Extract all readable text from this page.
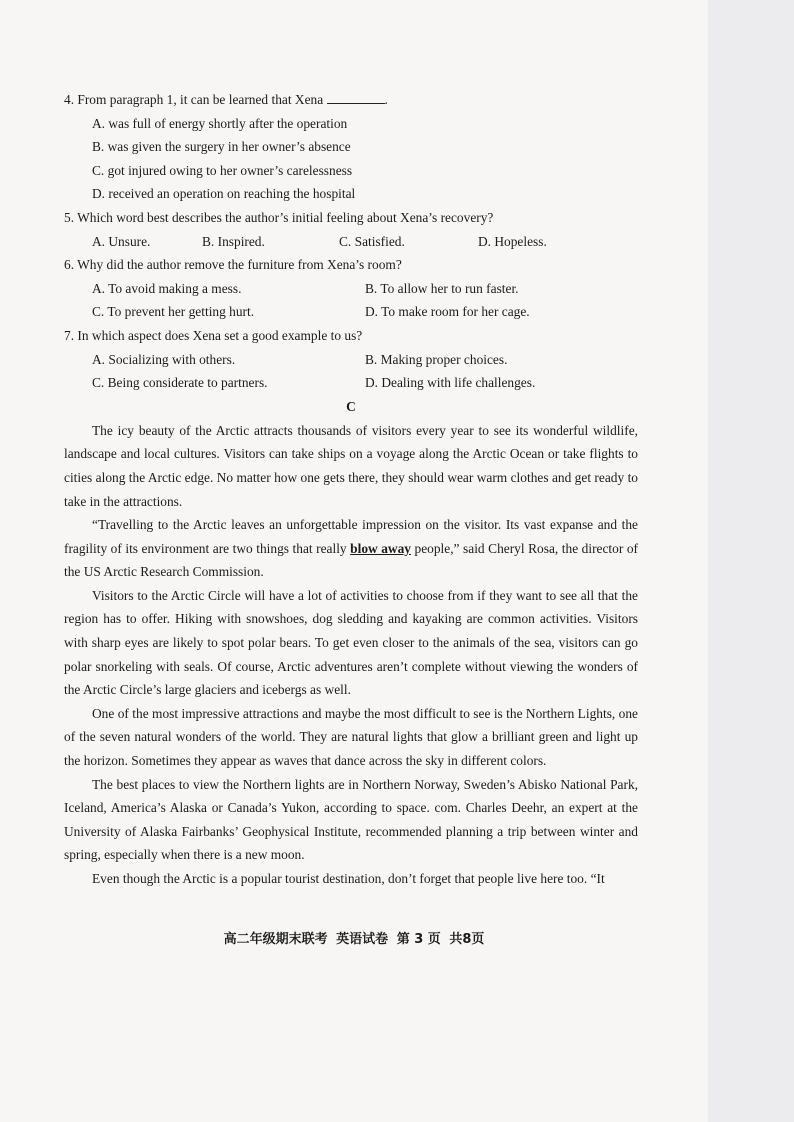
4. From paragraph 1, it can be learned that Xena	.
A. was full of energy shortly after the operation
B. was given the surgery in her owner’s absence
C. got injured owing to her owner’s carelessness
D. received an operation on reaching the hospital
5. Which word best describes the author’s initial feeling about Xena’s recovery?
A. Unsure.	B. Inspired.	C. Satisfied.	D. Hopeless.
6. Why did the author remove the furniture from Xena’s room?
A. To avoid making a mess.	B. To allow her to run faster.
C. To prevent her getting hurt.	D. To make room for her cage.
7. In which aspect does Xena set a good example to us?
A. Socializing with others.	B. Making proper choices.
C. Being considerate to partners.	D. Dealing with life challenges.
C

The icy beauty of the Arctic attracts thousands of visitors every year to see its wonderful wildlife, landscape and local cultures. Visitors can take ships on a voyage along the Arctic Ocean or take flights to cities along the Arctic edge. No matter how one gets there, they should wear warm clothes and get ready to take in the attractions.

“Travelling to the Arctic leaves an unforgettable impression on the visitor. Its vast expanse and the fragility of its environment are two things that really blow away people,” said Cheryl Rosa, the director of the US Arctic Research Commission.

Visitors to the Arctic Circle will have a lot of activities to choose from if they want to see all that the region has to offer. Hiking with snowshoes, dog sledding and kayaking are common activities. Visitors with sharp eyes are likely to spot polar bears. To get even closer to the animals of the sea, visitors can go polar snorkeling with seals. Of course, Arctic adventures aren’t complete without viewing the wonders of the Arctic Circle’s large glaciers and icebergs as well.

One of the most impressive attractions and maybe the most difficult to see is the Northern Lights, one of the seven natural wonders of the world. They are natural lights that glow a brilliant green and light up the horizon. Sometimes they appear as waves that dance across the sky in different colors.

The best places to view the Northern lights are in Northern Norway, Sweden’s Abisko National Park, Iceland, America’s Alaska or Canada’s Yukon, according to space. com. Charles Deehr, an expert at the University of Alaska Fairbanks’ Geophysical Institute, recommended planning a trip between winter and spring, especially when there is a new moon.

Even though the Arctic is a popular tourist destination, don’t forget that people live here too. “It

高二年级期末联考 英语试卷 第 3 页 共8页
